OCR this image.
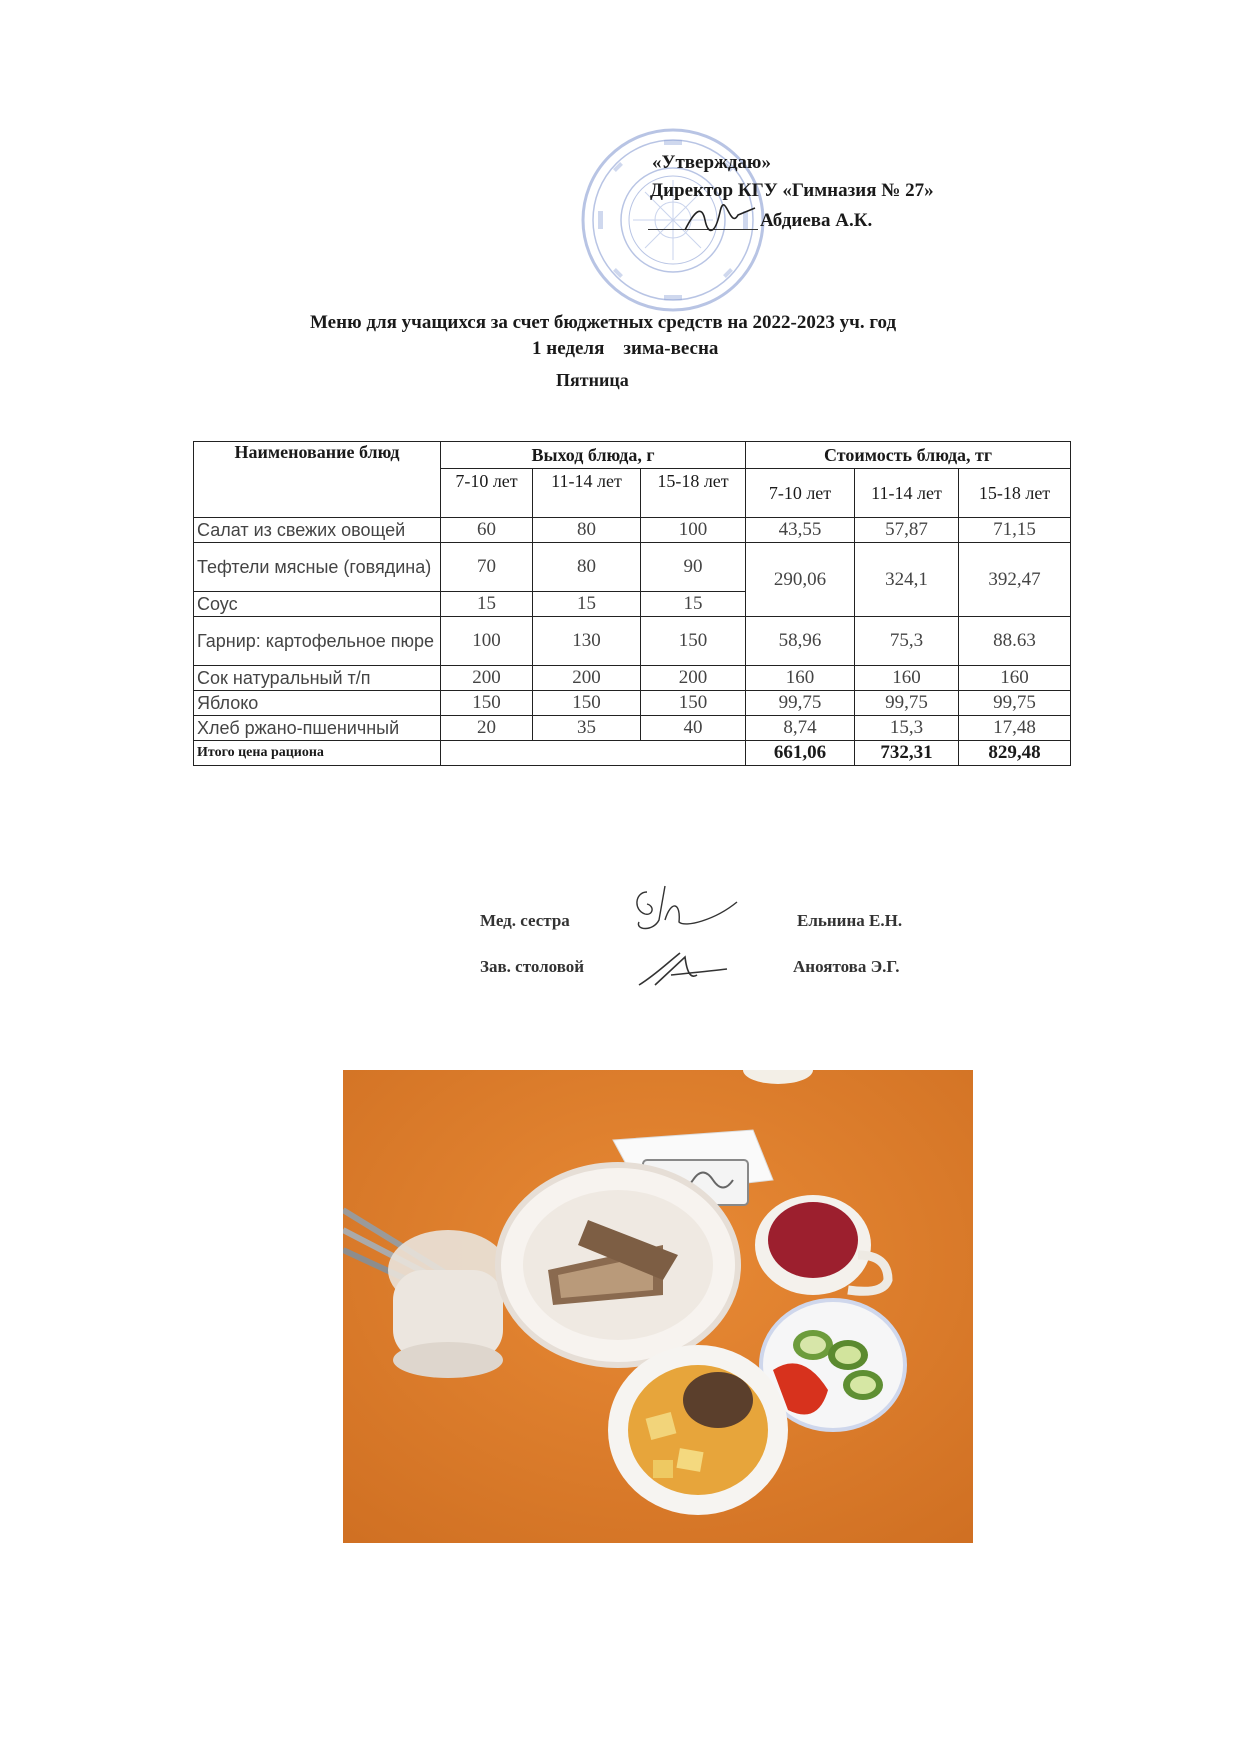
«Утверждаю»
Директор КГУ «Гимназия № 27»
Абдиева А.К.
Меню для учащихся за счет бюджетных средств на 2022-2023 уч. год
1 неделя    зима-весна
Пятница
Наименование блюд	Выход блюда, г			Стоимость блюда, тг		
	7-10 лет	11-14 лет	15-18 лет	7-10 лет	11-14 лет	15-18 лет
Салат из свежих овощей	60	80	100	43,55	57,87	71,15
Тефтели мясные (говядина)	70	80	90	290,06	324,1	392,47
Соус	15	15	15			
Гарнир: картофельное пюре	100	130	150	58,96	75,3	88.63
Сок натуральный т/п	200	200	200	160	160	160
Яблоко	150	150	150	99,75	99,75	99,75
Хлеб ржано-пшеничный	20	35	40	8,74	15,3	17,48
Итого цена рациона				661,06	732,31	829,48
Мед. сестра	Ельнина Е.Н.
Зав. столовой	Аноятова Э.Г.
